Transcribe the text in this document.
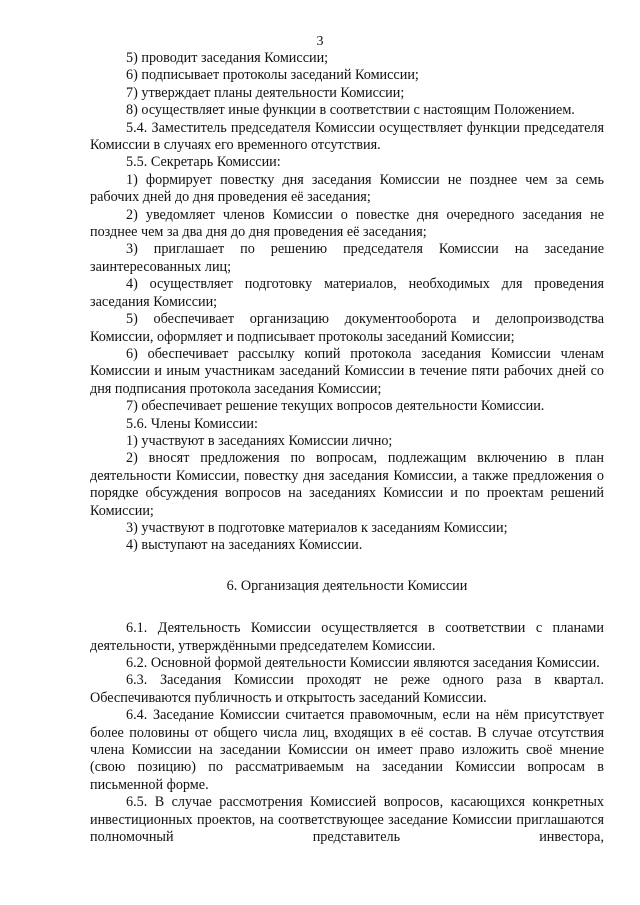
3

5) проводит заседания Комиссии;

6) подписывает протоколы заседаний Комиссии;

7) утверждает планы деятельности Комиссии;

8) осуществляет иные функции в соответствии с настоящим Положением.

5.4. Заместитель председателя Комиссии осуществляет функции председателя Комиссии в случаях его временного отсутствия.

5.5. Секретарь Комиссии:

1) формирует повестку дня заседания Комиссии не позднее чем за семь рабочих дней до дня проведения её заседания;

2) уведомляет членов Комиссии о повестке дня очередного заседания не позднее чем за два дня до дня проведения её заседания;

3) приглашает по решению председателя Комиссии на заседание заинтересованных лиц;

4) осуществляет подготовку материалов, необходимых для проведения заседания Комиссии;

5) обеспечивает организацию документооборота и делопроизводства Комиссии, оформляет и подписывает протоколы заседаний Комиссии;

6) обеспечивает рассылку копий протокола заседания Комиссии членам Комиссии и иным участникам заседаний Комиссии в течение пяти рабочих дней со дня подписания протокола заседания Комиссии;

7) обеспечивает решение текущих вопросов деятельности Комиссии.

5.6. Члены Комиссии:

1) участвуют в заседаниях Комиссии лично;

2) вносят предложения по вопросам, подлежащим включению в план деятельности Комиссии, повестку дня заседания Комиссии, а также предложения о порядке обсуждения вопросов на заседаниях Комиссии и по проектам решений Комиссии;

3) участвуют в подготовке материалов к заседаниям Комиссии;

4) выступают на заседаниях Комиссии.

6. Организация деятельности Комиссии

6.1. Деятельность Комиссии осуществляется в соответствии с планами деятельности, утверждёнными председателем Комиссии.

6.2. Основной формой деятельности Комиссии являются заседания Комиссии.

6.3. Заседания Комиссии проходят не реже одного раза в квартал. Обеспечиваются публичность и открытость заседаний Комиссии.

6.4. Заседание Комиссии считается правомочным, если на нём присутствует более половины от общего числа лиц, входящих в её состав. В случае отсутствия члена Комиссии на заседании Комиссии он имеет право изложить своё мнение (свою позицию) по рассматриваемым на заседании Комиссии вопросам в письменной форме.

6.5. В случае рассмотрения Комиссией вопросов, касающихся конкретных инвестиционных проектов, на соответствующее заседание Комиссии приглашаются полномочный представитель инвестора,
